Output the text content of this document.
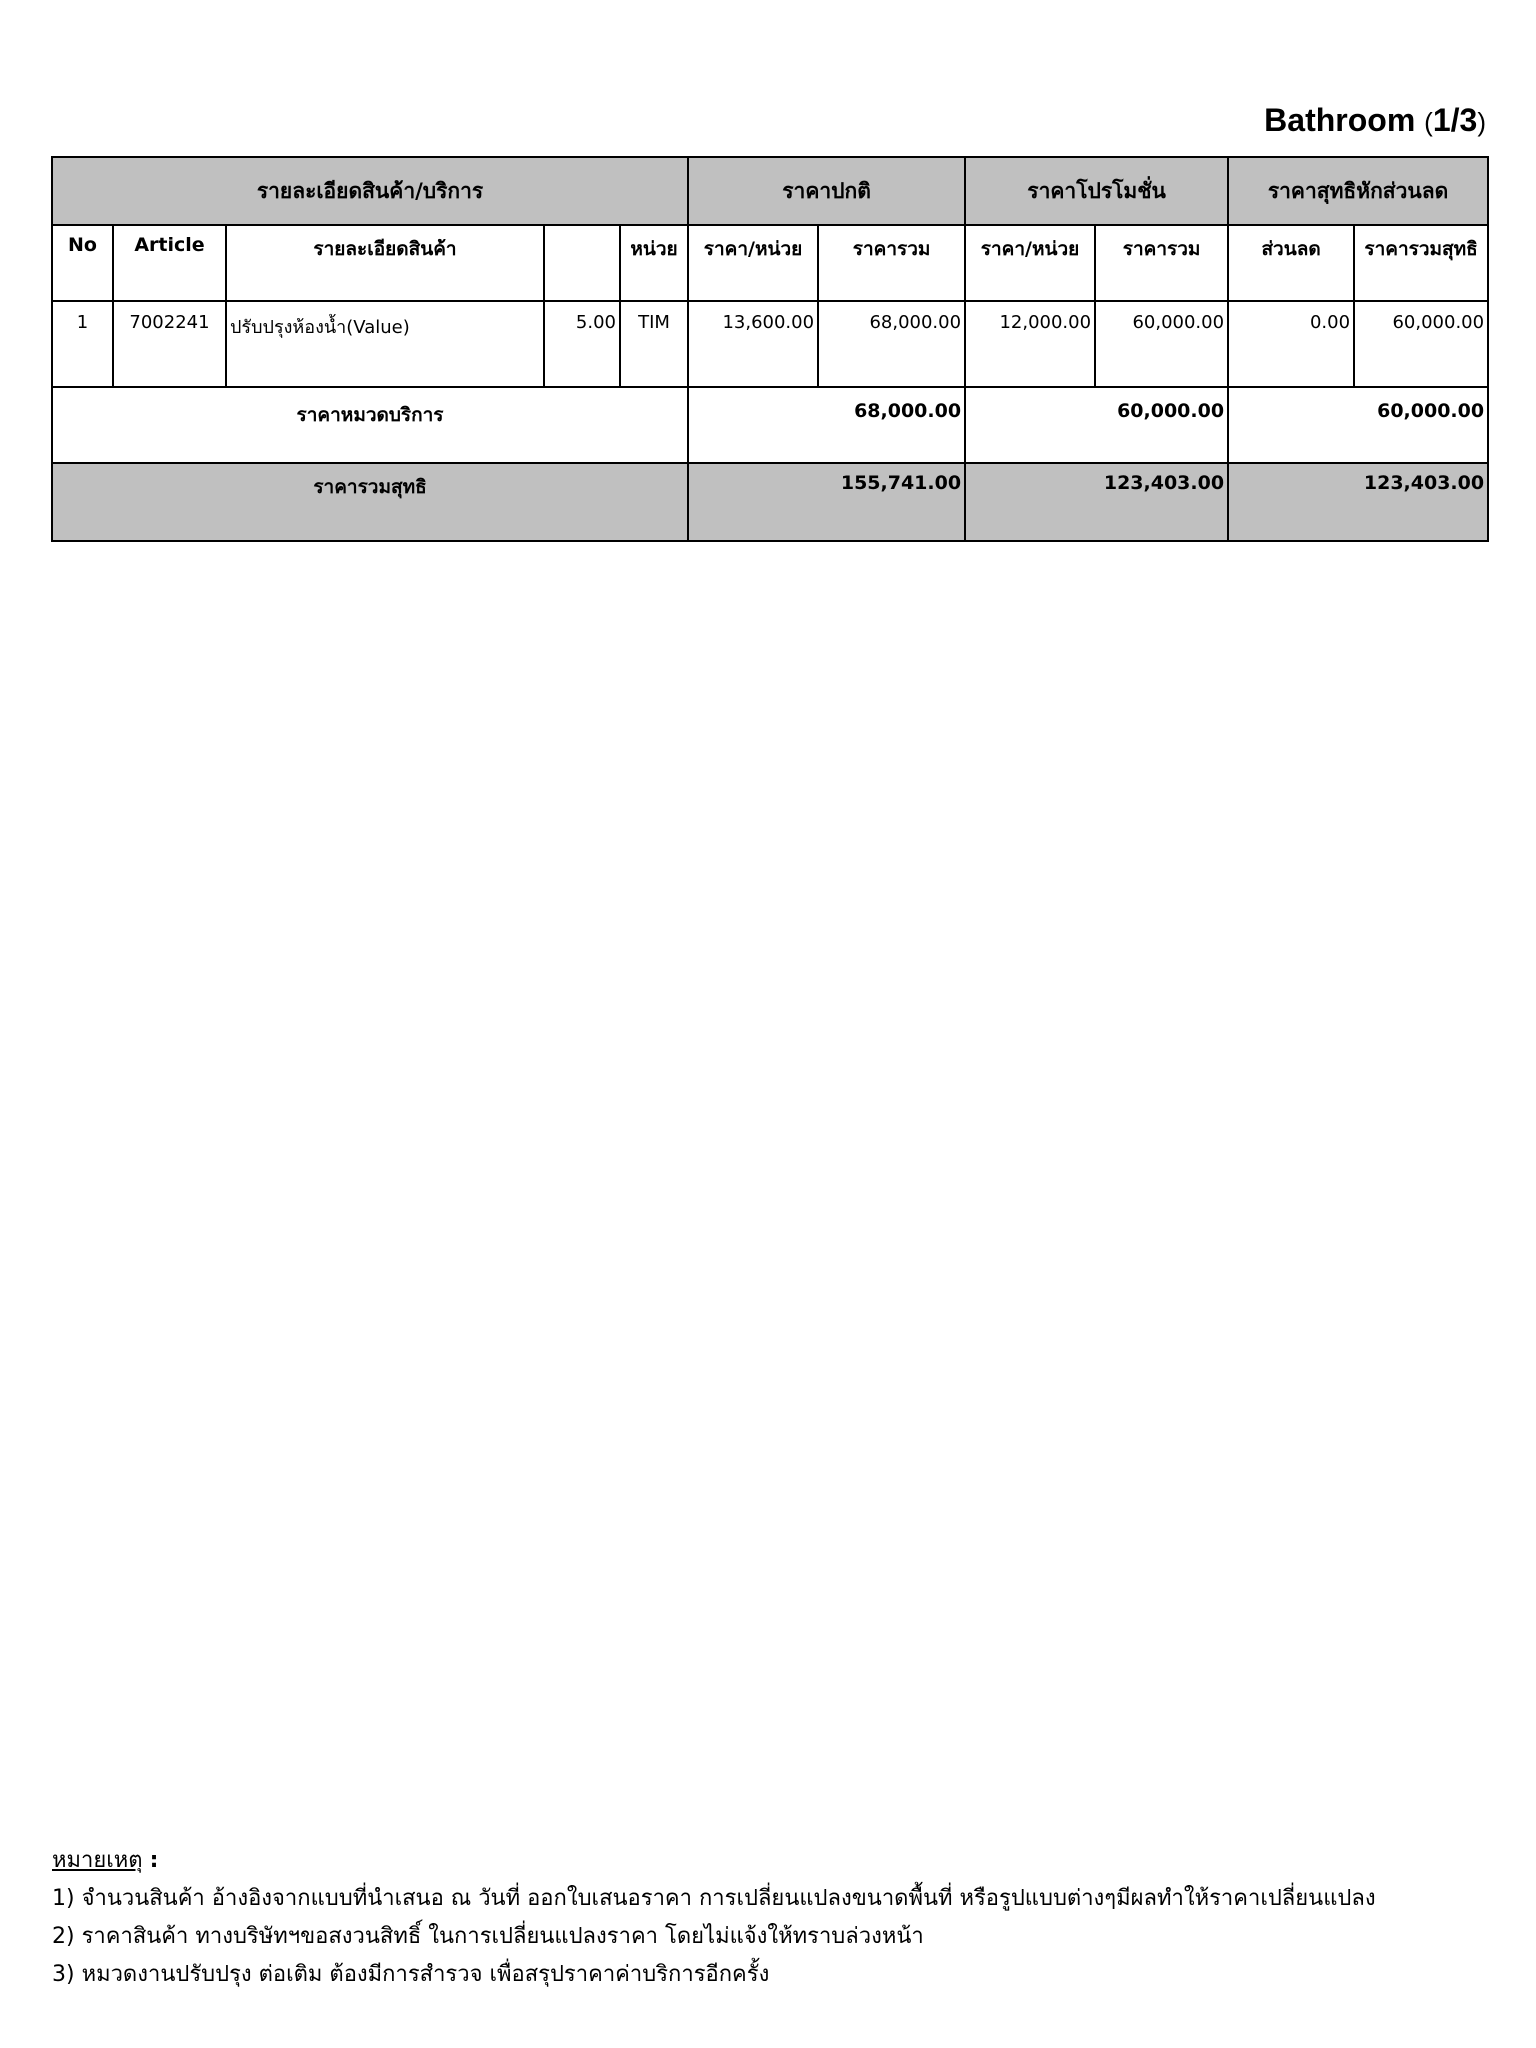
Bathroom (1/3)
รายละเอียดสินค้า/บริการ					ราคาปกติ		ราคาโปรโมชั่น		ราคาสุทธิหักส่วนลด	
No	Article	รายละเอียดสินค้า		หน่วย	ราคา/หน่วย	ราคารวม	ราคา/หน่วย	ราคารวม	ส่วนลด	ราคารวมสุทธิ
1	7002241	ปรับปรุงห้องน้ำ(Value)	5.00	TIM	13,600.00	68,000.00	12,000.00	60,000.00	0.00	60,000.00
ราคาหมวดบริการ					68,000.00		60,000.00		60,000.00	
ราคารวมสุทธิ					155,741.00		123,403.00		123,403.00	
หมายเหตุ :
1) จำนวนสินค้า อ้างอิงจากแบบที่นำเสนอ ณ วันที่ ออกใบเสนอราคา การเปลี่ยนแปลงขนาดพื้นที่ หรือรูปแบบต่างๆมีผลทำให้ราคาเปลี่ยนแปลง
2) ราคาสินค้า ทางบริษัทฯขอสงวนสิทธิ์ ในการเปลี่ยนแปลงราคา โดยไม่แจ้งให้ทราบล่วงหน้า
3) หมวดงานปรับปรุง ต่อเติม ต้องมีการสำรวจ เพื่อสรุปราคาค่าบริการอีกครั้ง
